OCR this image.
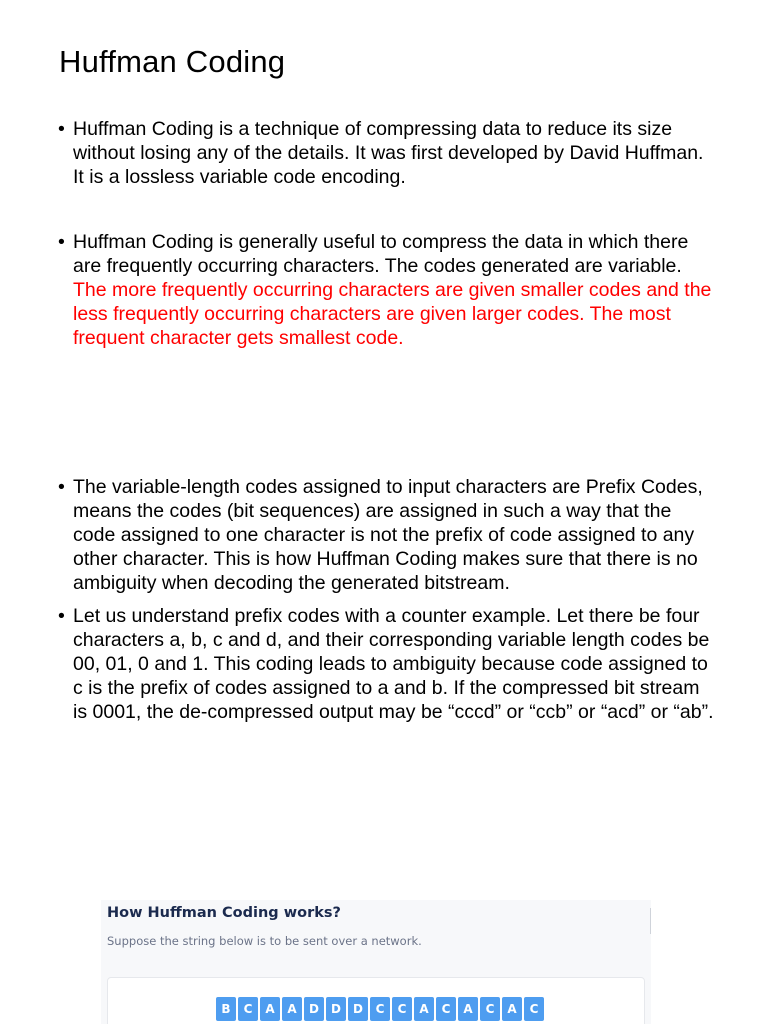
Huffman Coding
• Huffman Coding is a technique of compressing data to reduce its size without losing any of the details. It was first developed by David Huffman. It is a lossless variable code encoding.
• Huffman Coding is generally useful to compress the data in which there are frequently occurring characters. The codes generated are variable. The more frequently occurring characters are given smaller codes and the less frequently occurring characters are given larger codes. The most frequent character gets smallest code.
• The variable-length codes assigned to input characters are Prefix Codes, means the codes (bit sequences) are assigned in such a way that the code assigned to one character is not the prefix of code assigned to any other character. This is how Huffman Coding makes sure that there is no ambiguity when decoding the generated bitstream.
• Let us understand prefix codes with a counter example. Let there be four characters a, b, c and d, and their corresponding variable length codes be 00, 01, 0 and 1. This coding leads to ambiguity because code assigned to c is the prefix of codes assigned to a and b. If the compressed bit stream is 0001, the de-compressed output may be “cccd” or “ccb” or “acd” or “ab”.
How Huffman Coding works?

Suppose the string below is to be sent over a network.

B	C	A	A	D	D	D	C	C	A	C	A	C	A	C
